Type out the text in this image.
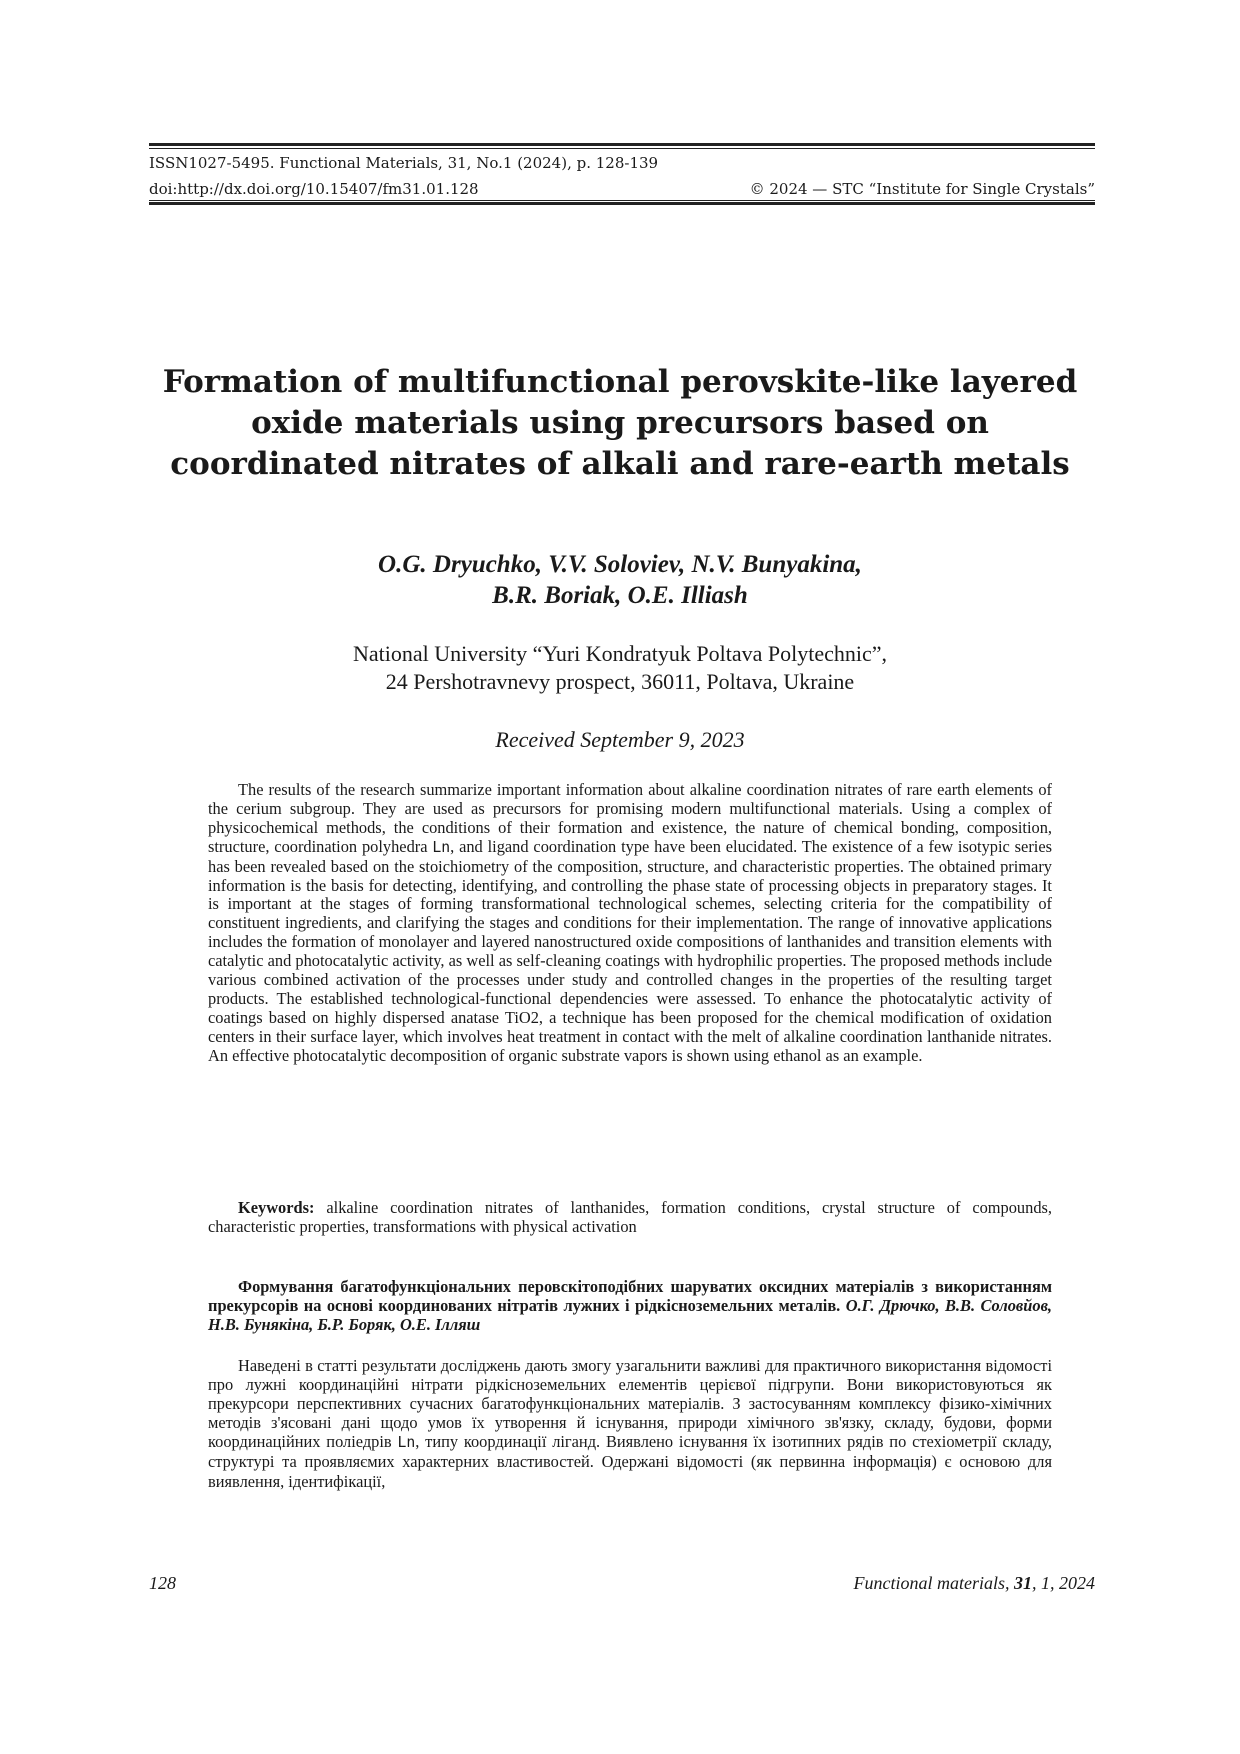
ISSN1027-5495. Functional Materials, 31, No.1 (2024), p. 128-139
doi:http://dx.doi.org/10.15407/fm31.01.128	© 2024 — STC “Institute for Single Crystals”
Formation of multifunctional perovskite-like layered oxide materials using precursors based on coordinated nitrates of alkali and rare-earth metals
O.G. Dryuchko, V.V. Soloviev, N.V. Bunyakina,
B.R. Boriak, O.E. Illiash
National University “Yuri Kondratyuk Poltava Polytechnic”,
24 Pershotravnevy prospect, 36011, Poltava, Ukraine
Received September 9, 2023
The results of the research summarize important information about alkaline coordination nitrates of rare earth elements of the cerium subgroup. They are used as precursors for promising modern multifunctional materials. Using a complex of physicochemical methods, the conditions of their formation and existence, the nature of chemical bonding, composition, structure, coordination polyhedra Ln, and ligand coordination type have been elucidated. The existence of a few isotypic series has been revealed based on the stoichiometry of the composition, structure, and characteristic properties. The obtained primary information is the basis for detecting, identifying, and controlling the phase state of processing objects in preparatory stages. It is important at the stages of forming transformational technological schemes, selecting criteria for the compatibility of constituent ingredients, and clarifying the stages and conditions for their implementation. The range of innovative applications includes the formation of monolayer and layered nanostructured oxide compositions of lanthanides and transition elements with catalytic and photocatalytic activity, as well as self-cleaning coatings with hydrophilic properties. The proposed methods include various combined activation of the processes under study and controlled changes in the properties of the resulting target products. The established technological-functional dependencies were assessed. To enhance the photocatalytic activity of coatings based on highly dispersed anatase TiO2, a technique has been proposed for the chemical modification of oxidation centers in their surface layer, which involves heat treatment in contact with the melt of alkaline coordination lanthanide nitrates. An effective photocatalytic decomposition of organic substrate vapors is shown using ethanol as an example.
Keywords: alkaline coordination nitrates of lanthanides, formation conditions, crystal structure of compounds, characteristic properties, transformations with physical activation
Формування багатофункціональних перовскітоподібних шаруватих оксидних матеріалів з використанням прекурсорів на основі координованих нітратів лужних і рідкісноземельних металів. О.Г. Дрючко, В.В. Соловйов, Н.В. Бунякіна, Б.Р. Боряк, О.Е. Ілляш
Наведені в статті результати досліджень дають змогу узагальнити важливі для практичного використання відомості про лужні координаційні нітрати рідкісноземельних елементів церієвої підгрупи. Вони використовуються як прекурсори перспективних сучасних багатофункціональних матеріалів. З застосуванням комплексу фізико-хімічних методів з'ясовані дані щодо умов їх утворення й існування, природи хімічного зв'язку, складу, будови, форми координаційних поліедрів Ln, типу координації лiганд. Виявлено існування їх ізотипних рядів по стехіометрії складу, структурі та проявляємих характерних властивостей. Одержані відомості (як первинна інформація) є основою для виявлення, ідентифікації,
128	Functional materials, 31, 1, 2024
